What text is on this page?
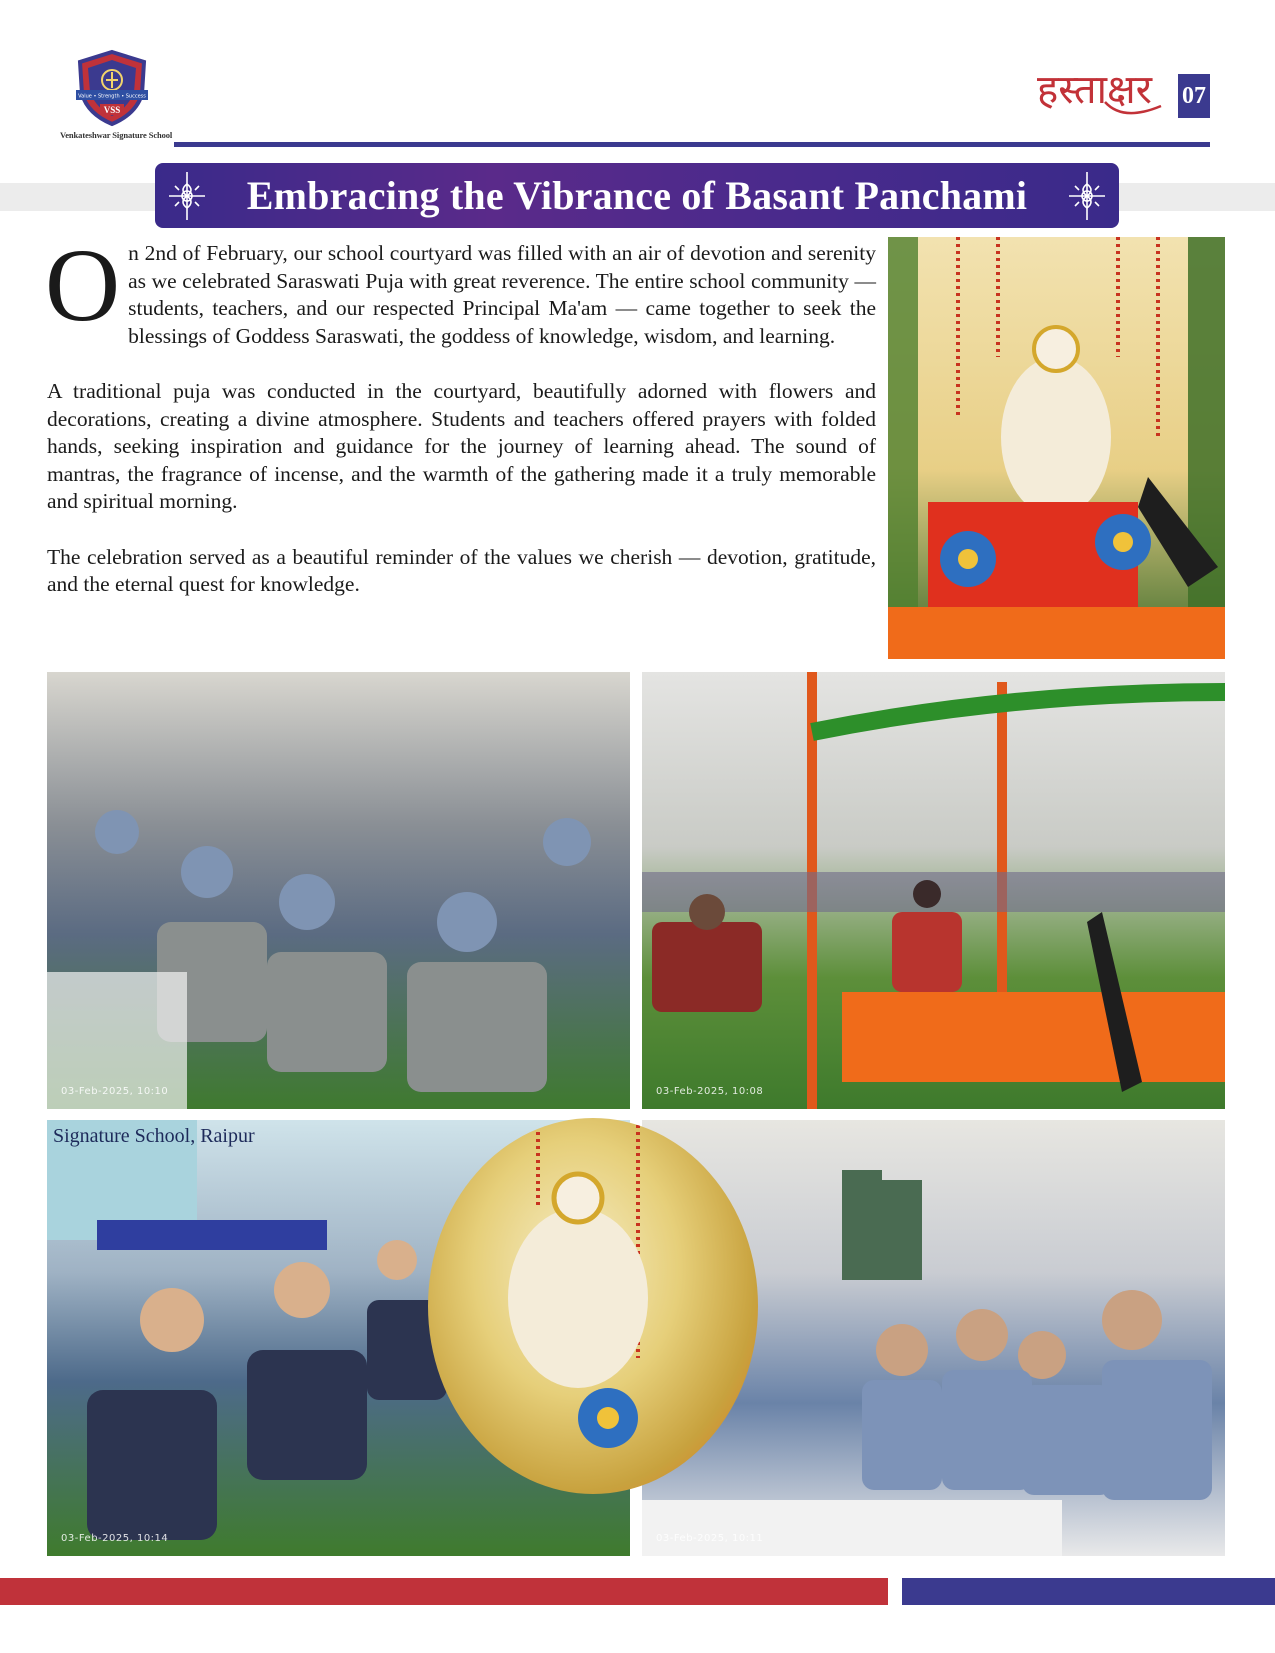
Value • Strength • Success
VSS
Venkateshwar Signature School
हस्ताक्षर 07
Embracing the Vibrance of Basant Panchami

On 2nd of February, our school courtyard was filled with an air of devotion and serenity as we celebrated Saraswati Puja with great reverence. The entire school community — students, teachers, and our respected Principal Ma'am — came together to seek the blessings of Goddess Saraswati, the goddess of knowledge, wisdom, and learning.

A traditional puja was conducted in the courtyard, beautifully adorned with flowers and decorations, creating a divine atmosphere. Students and teachers offered prayers with folded hands, seeking inspiration and guidance for the journey of learning ahead. The sound of mantras, the fragrance of incense, and the warmth of the gathering made it a truly memorable and spiritual morning.

The celebration served as a beautiful reminder of the values we cherish — devotion, gratitude, and the eternal quest for knowledge.

03-Feb-2025, 10:10	03-Feb-2025, 10:08
Signature School, Raipur
03-Feb-2025, 10:14	03-Feb-2025, 10:11
